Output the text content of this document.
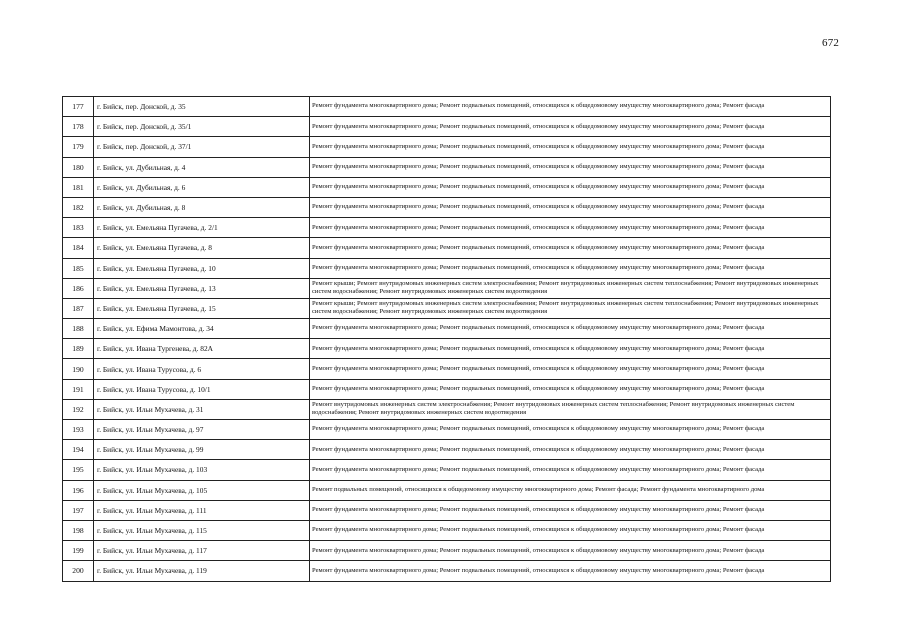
672
177	г. Бийск, пер. Донской, д. 35	Ремонт фундамента многоквартирного дома; Ремонт подвальных помещений, относящихся к общедомовому имуществу многоквартирного дома; Ремонт фасада
178	г. Бийск, пер. Донской, д. 35/1	Ремонт фундамента многоквартирного дома; Ремонт подвальных помещений, относящихся к общедомовому имуществу многоквартирного дома; Ремонт фасада
179	г. Бийск, пер. Донской, д. 37/1	Ремонт фундамента многоквартирного дома; Ремонт подвальных помещений, относящихся к общедомовому имуществу многоквартирного дома; Ремонт фасада
180	г. Бийск, ул. Дубильная, д. 4	Ремонт фундамента многоквартирного дома; Ремонт подвальных помещений, относящихся к общедомовому имуществу многоквартирного дома; Ремонт фасада
181	г. Бийск, ул. Дубильная, д. 6	Ремонт фундамента многоквартирного дома; Ремонт подвальных помещений, относящихся к общедомовому имуществу многоквартирного дома; Ремонт фасада
182	г. Бийск, ул. Дубильная, д. 8	Ремонт фундамента многоквартирного дома; Ремонт подвальных помещений, относящихся к общедомовому имуществу многоквартирного дома; Ремонт фасада
183	г. Бийск, ул. Емельяна Пугачева, д. 2/1	Ремонт фундамента многоквартирного дома; Ремонт подвальных помещений, относящихся к общедомовому имуществу многоквартирного дома; Ремонт фасада
184	г. Бийск, ул. Емельяна Пугачева, д. 8	Ремонт фундамента многоквартирного дома; Ремонт подвальных помещений, относящихся к общедомовому имуществу многоквартирного дома; Ремонт фасада
185	г. Бийск, ул. Емельяна Пугачева, д. 10	Ремонт фундамента многоквартирного дома; Ремонт подвальных помещений, относящихся к общедомовому имуществу многоквартирного дома; Ремонт фасада
186	г. Бийск, ул. Емельяна Пугачева, д. 13	Ремонт крыши; Ремонт внутридомовых инженерных систем электроснабжения; Ремонт внутридомовых инженерных систем теплоснабжения; Ремонт внутридомовых инженерных систем водоснабжения; Ремонт внутридомовых инженерных систем водоотведения
187	г. Бийск, ул. Емельяна Пугачева, д. 15	Ремонт крыши; Ремонт внутридомовых инженерных систем электроснабжения; Ремонт внутридомовых инженерных систем теплоснабжения; Ремонт внутридомовых инженерных систем водоснабжения; Ремонт внутридомовых инженерных систем водоотведения
188	г. Бийск, ул. Ефима Мамонтова, д. 34	Ремонт фундамента многоквартирного дома; Ремонт подвальных помещений, относящихся к общедомовому имуществу многоквартирного дома; Ремонт фасада
189	г. Бийск, ул. Ивана Тургенева, д. 82А	Ремонт фундамента многоквартирного дома; Ремонт подвальных помещений, относящихся к общедомовому имуществу многоквартирного дома; Ремонт фасада
190	г. Бийск, ул. Ивана Турусова, д. 6	Ремонт фундамента многоквартирного дома; Ремонт подвальных помещений, относящихся к общедомовому имуществу многоквартирного дома; Ремонт фасада
191	г. Бийск, ул. Ивана Турусова, д. 10/1	Ремонт фундамента многоквартирного дома; Ремонт подвальных помещений, относящихся к общедомовому имуществу многоквартирного дома; Ремонт фасада
192	г. Бийск, ул. Ильи Мухачева, д. 31	Ремонт внутридомовых инженерных систем электроснабжения; Ремонт внутридомовых инженерных систем теплоснабжения; Ремонт внутридомовых инженерных систем водоснабжения; Ремонт внутридомовых инженерных систем водоотведения
193	г. Бийск, ул. Ильи Мухачева, д. 97	Ремонт фундамента многоквартирного дома; Ремонт подвальных помещений, относящихся к общедомовому имуществу многоквартирного дома; Ремонт фасада
194	г. Бийск, ул. Ильи Мухачева, д. 99	Ремонт фундамента многоквартирного дома; Ремонт подвальных помещений, относящихся к общедомовому имуществу многоквартирного дома; Ремонт фасада
195	г. Бийск, ул. Ильи Мухачева, д. 103	Ремонт фундамента многоквартирного дома; Ремонт подвальных помещений, относящихся к общедомовому имуществу многоквартирного дома; Ремонт фасада
196	г. Бийск, ул. Ильи Мухачева, д. 105	Ремонт подвальных помещений, относящихся к общедомовому имуществу многоквартирного дома; Ремонт фасада; Ремонт фундамента многоквартирного дома
197	г. Бийск, ул. Ильи Мухачева, д. 111	Ремонт фундамента многоквартирного дома; Ремонт подвальных помещений, относящихся к общедомовому имуществу многоквартирного дома; Ремонт фасада
198	г. Бийск, ул. Ильи Мухачева, д. 115	Ремонт фундамента многоквартирного дома; Ремонт подвальных помещений, относящихся к общедомовому имуществу многоквартирного дома; Ремонт фасада
199	г. Бийск, ул. Ильи Мухачева, д. 117	Ремонт фундамента многоквартирного дома; Ремонт подвальных помещений, относящихся к общедомовому имуществу многоквартирного дома; Ремонт фасада
200	г. Бийск, ул. Ильи Мухачева, д. 119	Ремонт фундамента многоквартирного дома; Ремонт подвальных помещений, относящихся к общедомовому имуществу многоквартирного дома; Ремонт фасада
